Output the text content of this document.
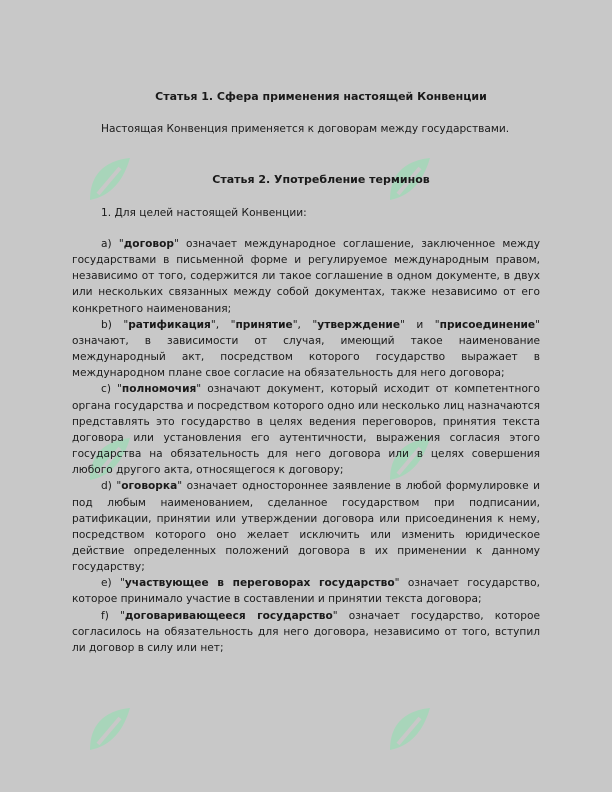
Статья 1. Сфера применения настоящей Конвенции
Настоящая Конвенция применяется к договорам между государствами.
Статья 2. Употребление терминов
1. Для целей настоящей Конвенции:

а) "договор" означает международное соглашение, заключенное между государствами в письменной форме и регулируемое международным правом, независимо от того, содержится ли такое соглашение в одном документе, в двух или нескольких связанных между собой документах, также независимо от его конкретного наименования;

b) "ратификация", "принятие", "утверждение" и "присоединение" означают, в зависимости от случая, имеющий такое наименование международный акт, посредством которого государство выражает в международном плане свое согласие на обязательность для него договора;

c) "полномочия" означают документ, который исходит от компетентного органа государства и посредством которого одно или несколько лиц назначаются представлять это государство в целях ведения переговоров, принятия текста договора или установления его аутентичности, выражения согласия этого государства на обязательность для него договора или в целях совершения любого другого акта, относящегося к договору;

d) "оговорка" означает одностороннее заявление в любой формулировке и под любым наименованием, сделанное государством при подписании, ратификации, принятии или утверждении договора или присоединения к нему, посредством которого оно желает исключить или изменить юридическое действие определенных положений договора в их применении к данному государству;

e) "участвующее в переговорах государство" означает государство, которое принимало участие в составлении и принятии текста договора;

f) "договаривающееся государство" означает государство, которое согласилось на обязательность для него договора, независимо от того, вступил ли договор в силу или нет;
